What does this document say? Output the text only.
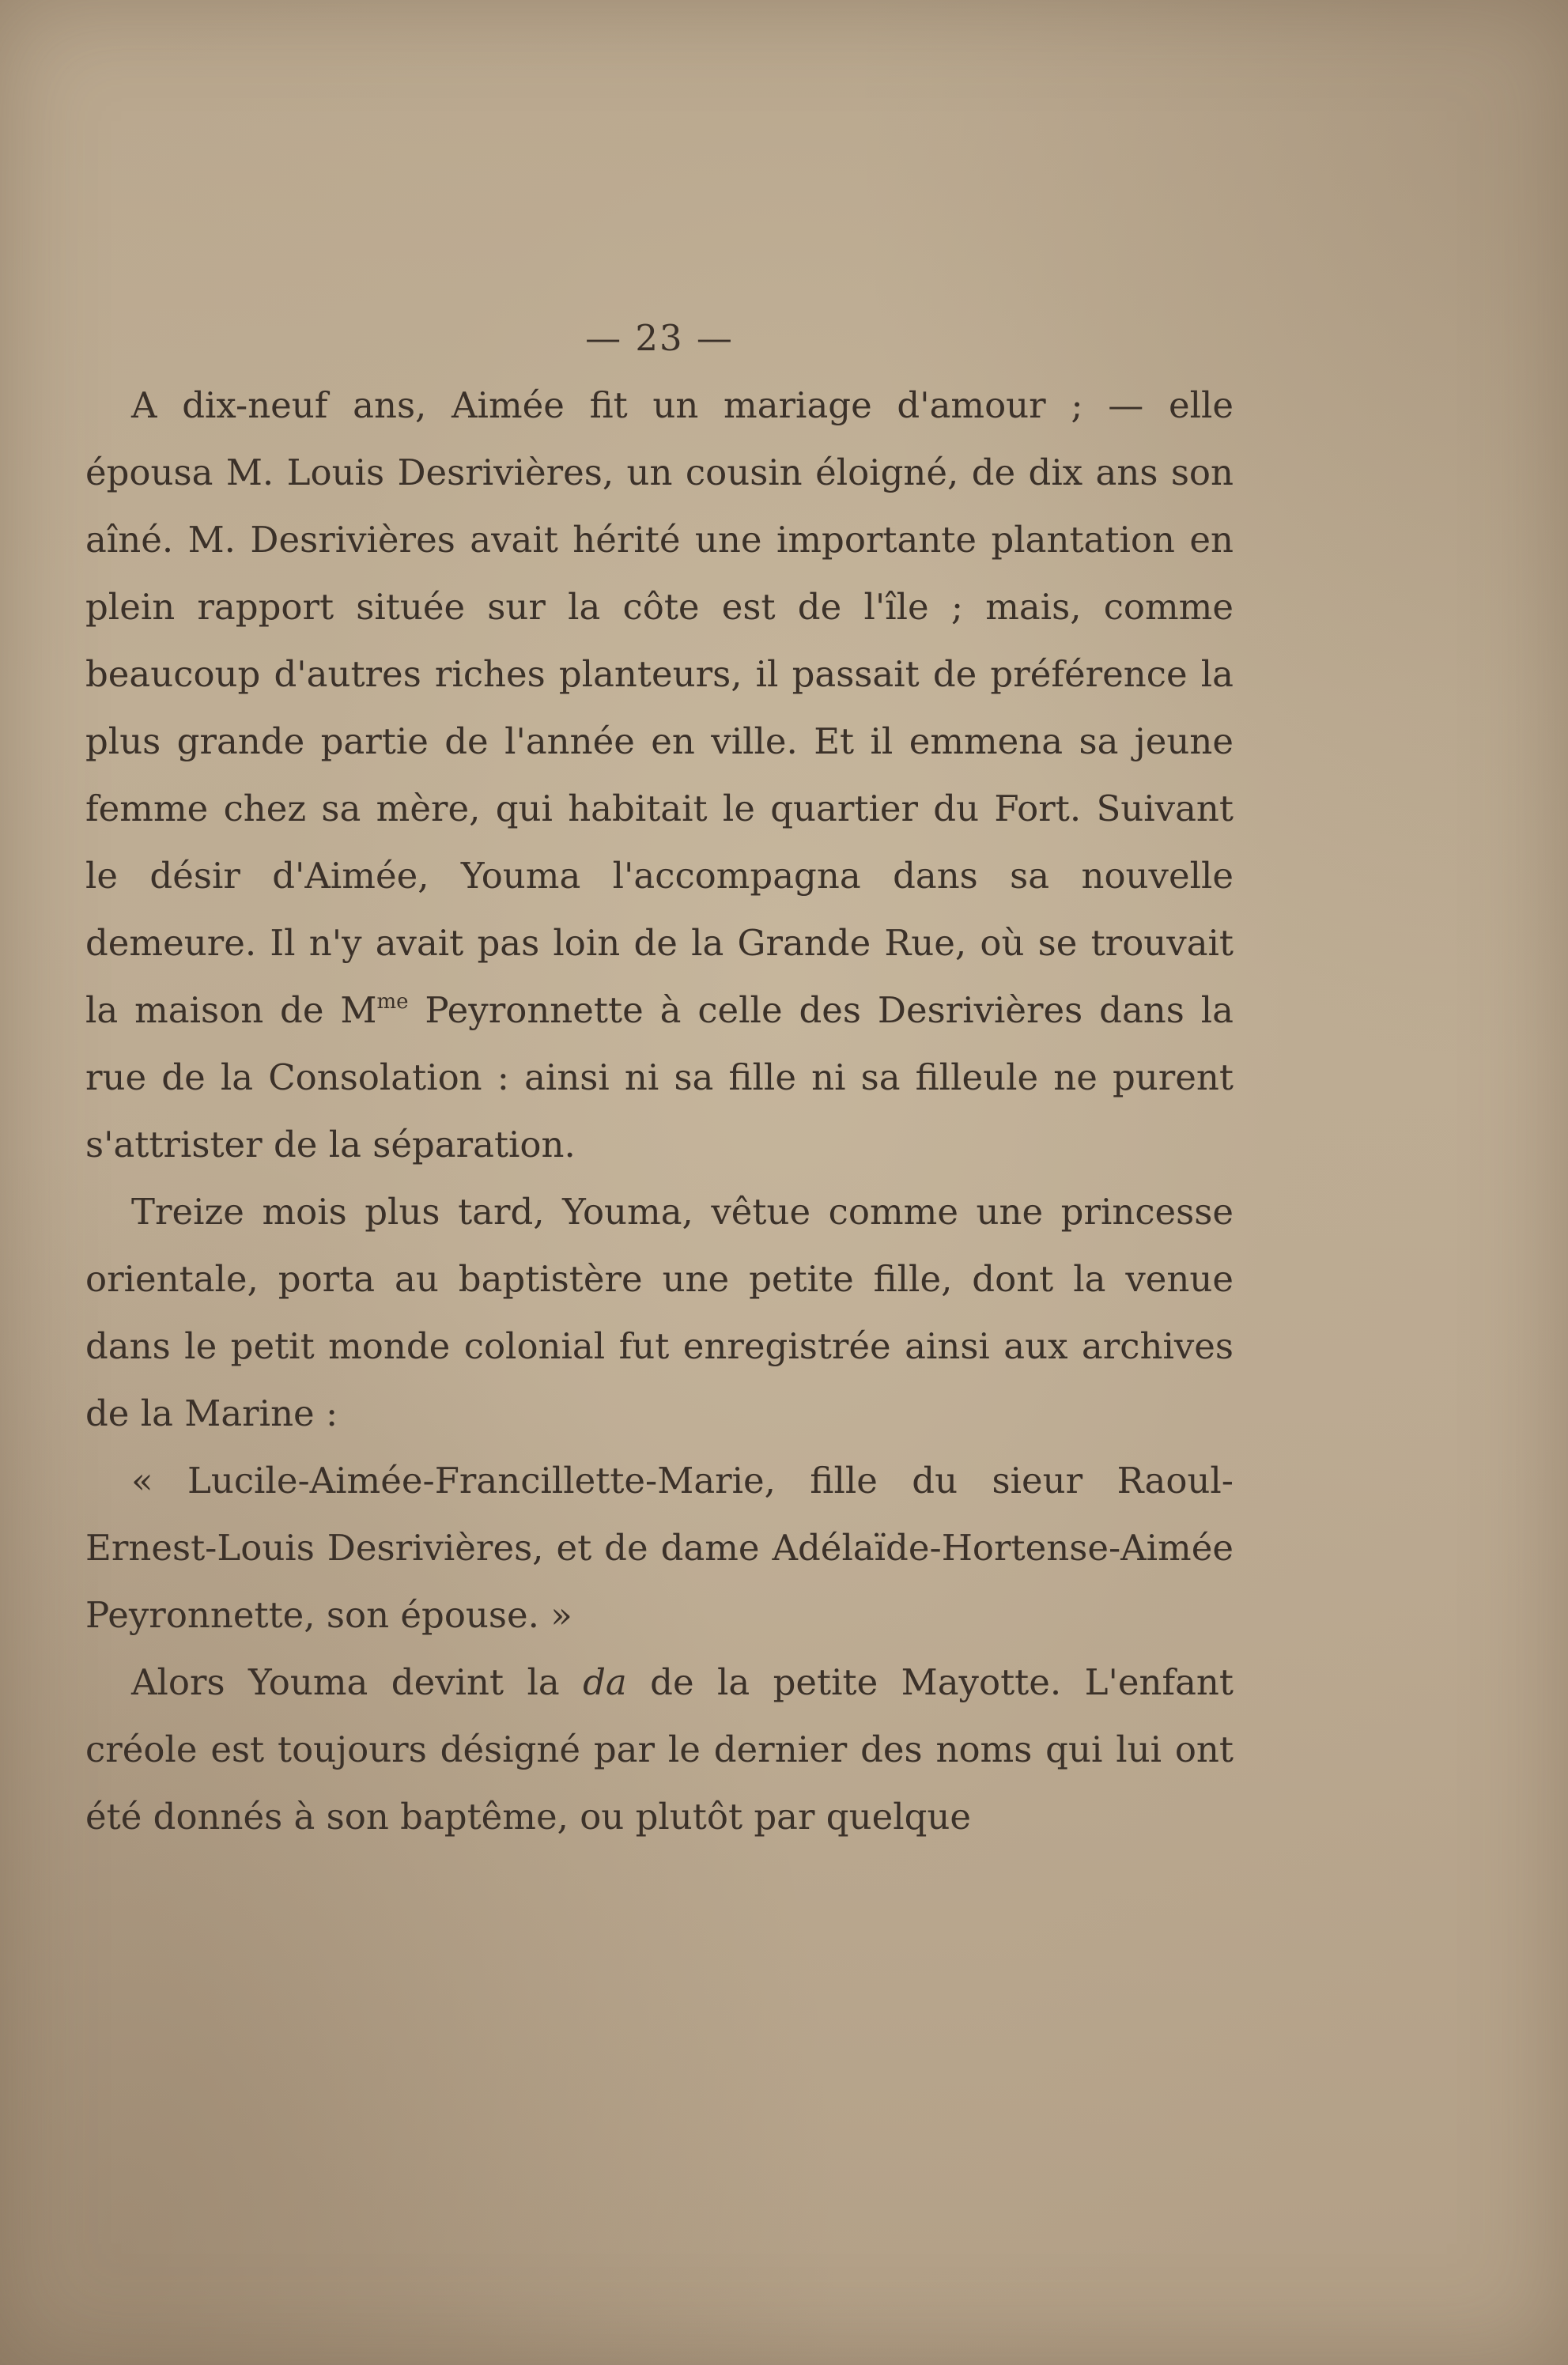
— 23 —

A dix-neuf ans, Aimée fit un mariage d'amour ; — elle épousa M. Louis Desrivières, un cousin éloigné, de dix ans son aîné. M. Desrivières avait hérité une importante plantation en plein rapport située sur la côte est de l'île ; mais, comme beaucoup d'autres riches planteurs, il passait de préférence la plus grande partie de l'année en ville. Et il emmena sa jeune femme chez sa mère, qui habitait le quartier du Fort. Suivant le désir d'Aimée, Youma l'accompagna dans sa nouvelle demeure. Il n'y avait pas loin de la Grande Rue, où se trouvait la maison de $M^{me}$ Peyronnette à celle des Desrivières dans la rue de la Consolation : ainsi ni sa fille ni sa filleule ne purent s'attrister de la séparation.

Treize mois plus tard, Youma, vêtue comme une princesse orientale, porta au baptistère une petite fille, dont la venue dans le petit monde colonial fut enregistrée ainsi aux archives de la Marine :

« Lucile-Aimée-Francillette-Marie, fille du sieur Raoul-Ernest-Louis Desrivières, et de dame Adélaïde-Hortense-Aimée Peyronnette, son épouse. »

Alors Youma devint la da de la petite Mayotte. L'enfant créole est toujours désigné par le dernier des noms qui lui ont été donnés à son baptême, ou plutôt par quelque
